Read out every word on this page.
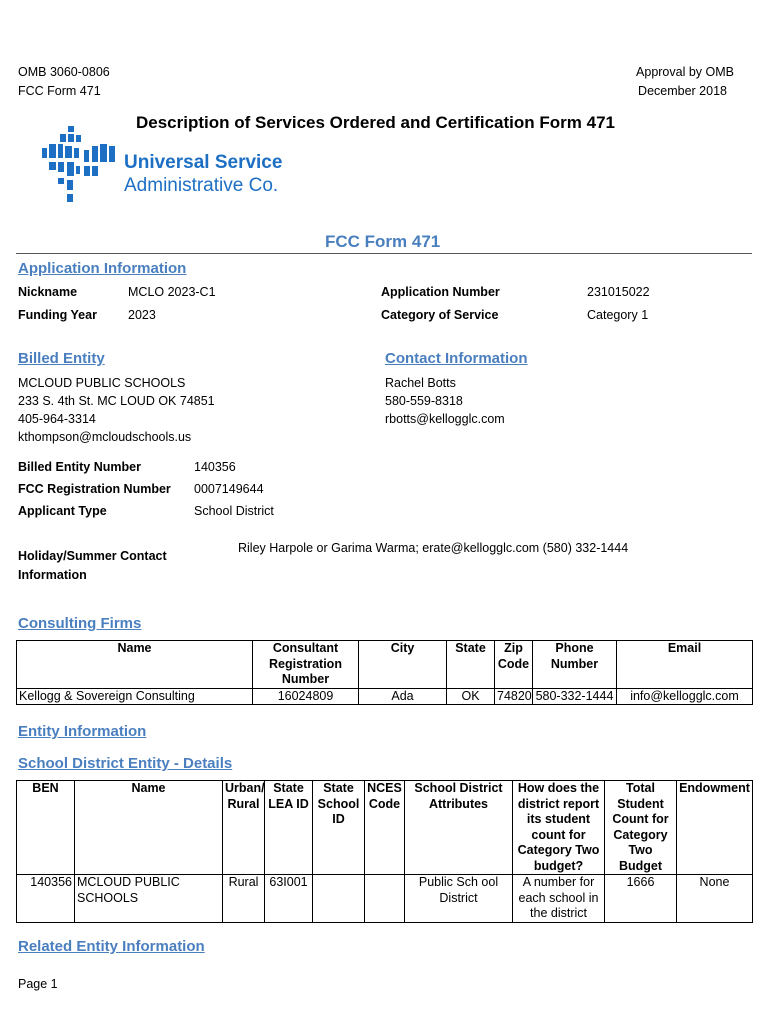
OMB 3060-0806
FCC Form 471
Approval by OMB
December 2018
Description of Services Ordered and Certification Form 471
Universal Service
Administrative Co.
FCC Form 471
Application Information
Nickname	MCLO 2023-C1
Funding Year 2023
Application Number	231015022
Category of Service	Category 1
Billed Entity
MCLOUD PUBLIC SCHOOLS
233 S. 4th St. MC LOUD OK 74851
405-964-3314
kthompson@mcloudschools.us
Contact Information
Rachel Botts
580-559-8318
rbotts@kellogglc.com
Billed Entity Number	140356
FCC Registration Number 0007149644
Applicant Type	School District
Holiday/Summer Contact
Information
Riley Harpole or Garima Warma; erate@kellogglc.com (580) 332-1444
Consulting Firms
Name	Consultant Registration Number	City	State	Zip Code	Phone Number	Email
Kellogg & Sovereign Consulting	16024809	Ada	OK	74820	580-332-1444	info@kellogglc.com
Entity Information
School District Entity - Details
BEN	Name	Urban/ Rural	State LEA ID	State School ID	NCES Code	School District Attributes	How does the district report its student count for Category Two budget?	Total Student Count for Category Two Budget	Endowment
140356	MCLOUD PUBLIC SCHOOLS	Rural	63I001			Public Sch ool District	A number for each school in the district	1666	None
Related Entity Information
Page 1
